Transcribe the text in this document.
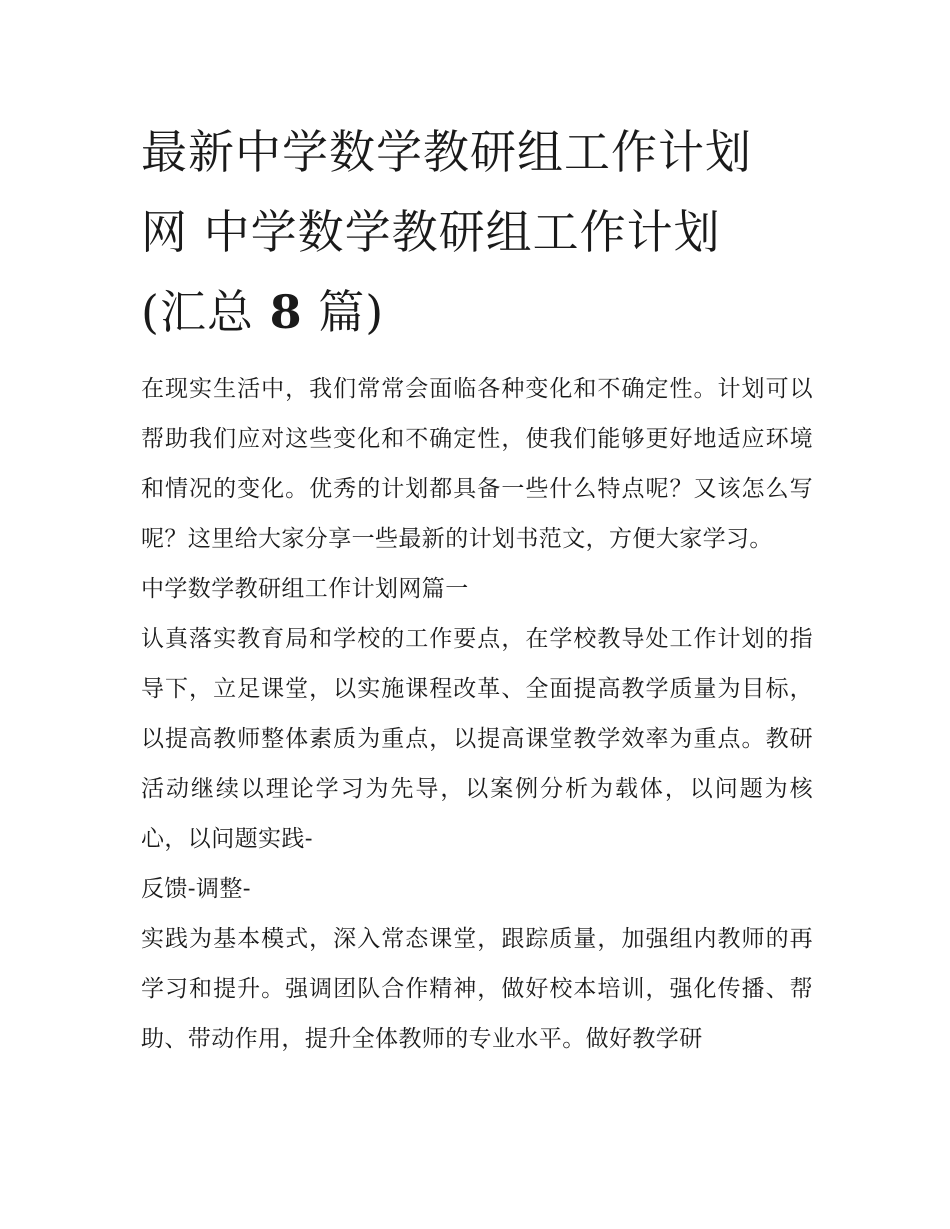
最新中学数学教研组工作计划
网 中学数学教研组工作计划
(汇总 8 篇)

在现实生活中，我们常常会面临各种变化和不确定性。计划可以帮助我们应对这些变化和不确定性，使我们能够更好地适应环境和情况的变化。优秀的计划都具备一些什么特点呢？又该怎么写呢？这里给大家分享一些最新的计划书范文，方便大家学习。

中学数学教研组工作计划网篇一

认真落实教育局和学校的工作要点，在学校教导处工作计划的指导下，立足课堂，以实施课程改革、全面提高教学质量为目标，以提高教师整体素质为重点，以提高课堂教学效率为重点。教研活动继续以理论学习为先导，以案例分析为载体，以问题为核心，以问题实践-

反馈-调整-

实践为基本模式，深入常态课堂，跟踪质量，加强组内教师的再学习和提升。强调团队合作精神，做好校本培训，强化传播、帮助、带动作用，提升全体教师的专业水平。做好教学研
